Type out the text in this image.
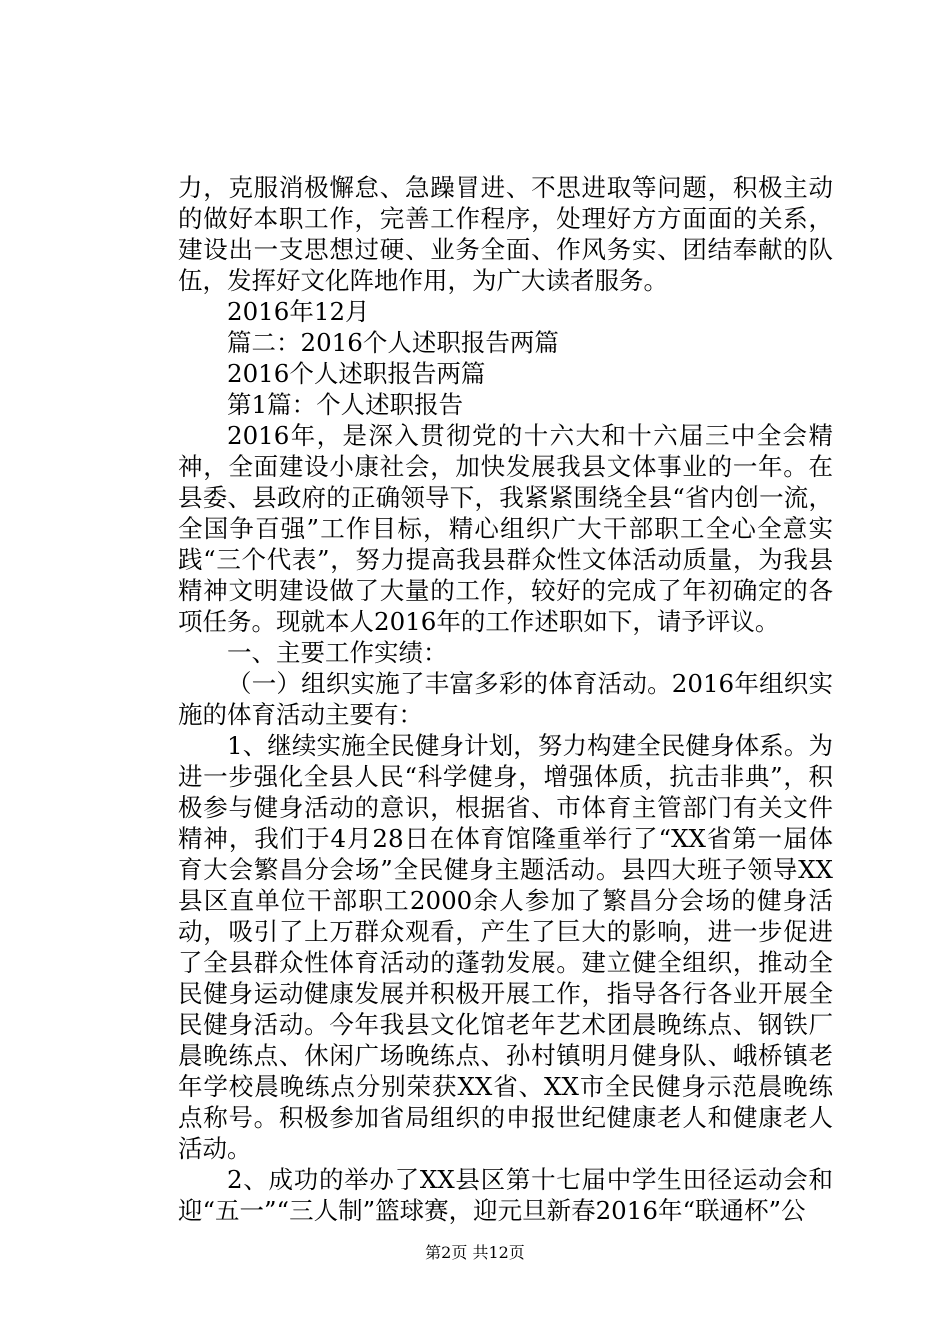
力，克服消极懈怠、急躁冒进、不思进取等问题，积极主动的做好本职工作，完善工作程序，处理好方方面面的关系，建设出一支思想过硬、业务全面、作风务实、团结奉献的队伍，发挥好文化阵地作用，为广大读者服务。

2016年12月

篇二：2016个人述职报告两篇

2016个人述职报告两篇

第1篇：个人述职报告

2016年，是深入贯彻党的十六大和十六届三中全会精神，全面建设小康社会，加快发展我县文体事业的一年。在县委、县政府的正确领导下，我紧紧围绕全县“省内创一流，全国争百强”工作目标，精心组织广大干部职工全心全意实践“三个代表”，努力提高我县群众性文体活动质量，为我县精神文明建设做了大量的工作，较好的完成了年初确定的各项任务。现就本人2016年的工作述职如下，请予评议。

一、主要工作实绩：

（一）组织实施了丰富多彩的体育活动。2016年组织实施的体育活动主要有：

1、继续实施全民健身计划，努力构建全民健身体系。为进一步强化全县人民“科学健身，增强体质，抗击非典”，积极参与健身活动的意识，根据省、市体育主管部门有关文件精神，我们于4月28日在体育馆隆重举行了“XX省第一届体育大会繁昌分会场”全民健身主题活动。县四大班子领导XX县区直单位干部职工2000余人参加了繁昌分会场的健身活动，吸引了上万群众观看，产生了巨大的影响，进一步促进了全县群众性体育活动的蓬勃发展。建立健全组织，推动全民健身运动健康发展并积极开展工作，指导各行各业开展全民健身活动。今年我县文化馆老年艺术团晨晚练点、钢铁厂晨晚练点、休闲广场晚练点、孙村镇明月健身队、峨桥镇老年学校晨晚练点分别荣获XX省、XX市全民健身示范晨晚练点称号。积极参加省局组织的申报世纪健康老人和健康老人活动。

2、成功的举办了XX县区第十七届中学生田径运动会和迎“五一”“三人制”篮球赛，迎元旦新春2016年“联通杯”公

第2页 共12页
